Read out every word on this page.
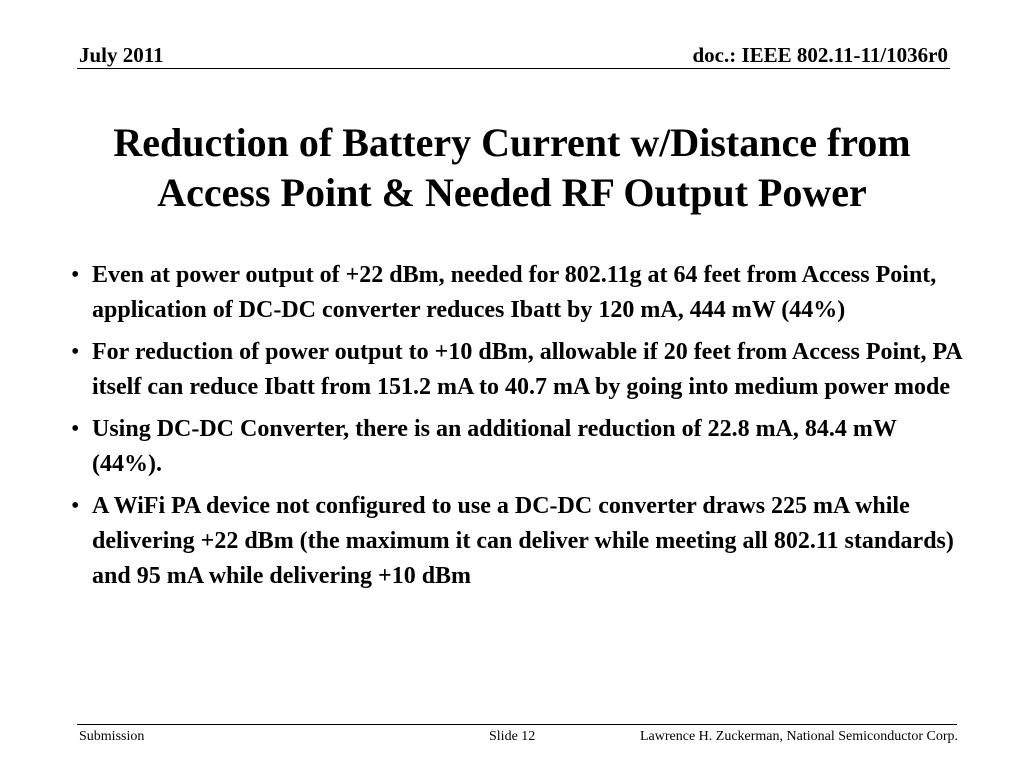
July 2011	doc.: IEEE 802.11-11/1036r0
Reduction of Battery Current w/Distance from
Access Point & Needed RF Output Power
• Even at power output of +22 dBm, needed for 802.11g at 64 feet from Access Point, application of DC-DC converter reduces Ibatt by 120 mA, 444 mW (44%)
• For reduction of power output to +10 dBm, allowable if 20 feet from Access Point, PA itself can reduce Ibatt from 151.2 mA to 40.7 mA by going into medium power mode
• Using DC-DC Converter, there is an additional reduction of 22.8 mA, 84.4 mW (44%).
• A WiFi PA device not configured to use a DC-DC converter draws 225 mA while delivering +22 dBm (the maximum it can deliver while meeting all 802.11 standards) and 95 mA while delivering +10 dBm
Submission	Slide 12	Lawrence H. Zuckerman, National Semiconductor Corp.
